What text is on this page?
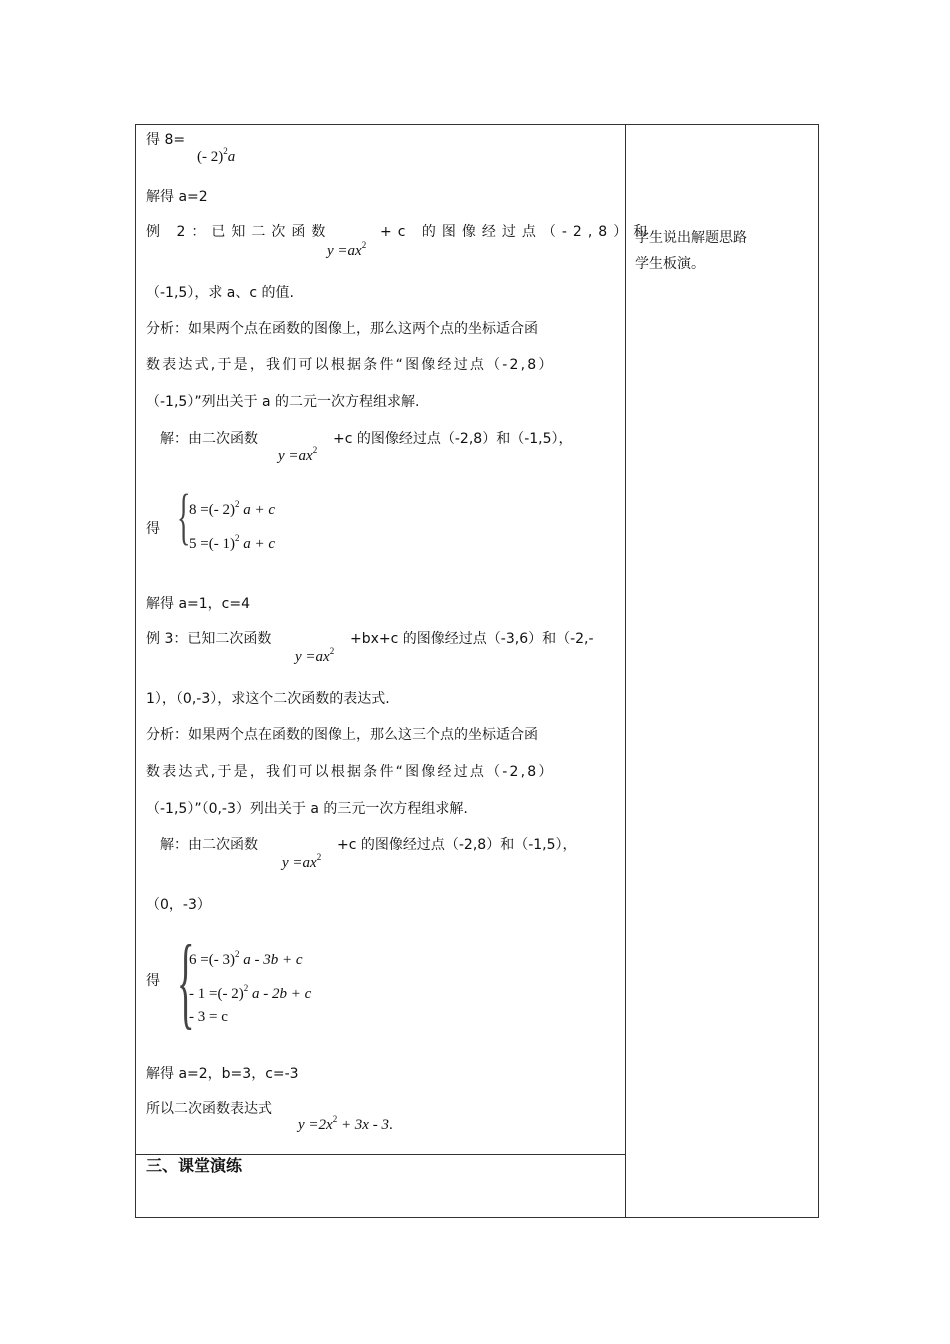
得 8=
(- 2)$^2$a
解得 a=2
例 2：已知二次函数
$y =ax^2$
+c 的图像经过点（-2,8）和
（-1,5），求 a、c 的值.
分析：如果两个点在函数的图像上，那么这两个点的坐标适合函
数表达式,于是，我们可以根据条件“图像经过点（-2,8）
（-1,5）”列出关于 a 的二元一次方程组求解.
解：由二次函数
$y =ax^2$
+c 的图像经过点（-2,8）和（-1,5），
得 {
8 =(- 2)$^2$ a + c
5 =(- 1)$^2$ a + c
解得 a=1，c=4
例 3：已知二次函数
$y =ax^2$
+bx+c 的图像经过点（-3,6）和（-2,-
1），（0,-3），求这个二次函数的表达式.
分析：如果两个点在函数的图像上，那么这三个点的坐标适合函
数表达式,于是，我们可以根据条件“图像经过点（-2,8）
（-1,5）”（0,-3）列出关于 a 的三元一次方程组求解.
解：由二次函数
$y =ax^2$
+c 的图像经过点（-2,8）和（-1,5），
（0，-3）
得 {
6 =(- 3)$^2$ a - 3b + c
- 1 =(- 2)$^2$ a - 2b + c
- 3 = c
解得 a=2，b=3，c=-3
所以二次函数表达式
$y =2x^2 + 3x - 3$.
三、课堂演练
学生说出解题思路
学生板演。
